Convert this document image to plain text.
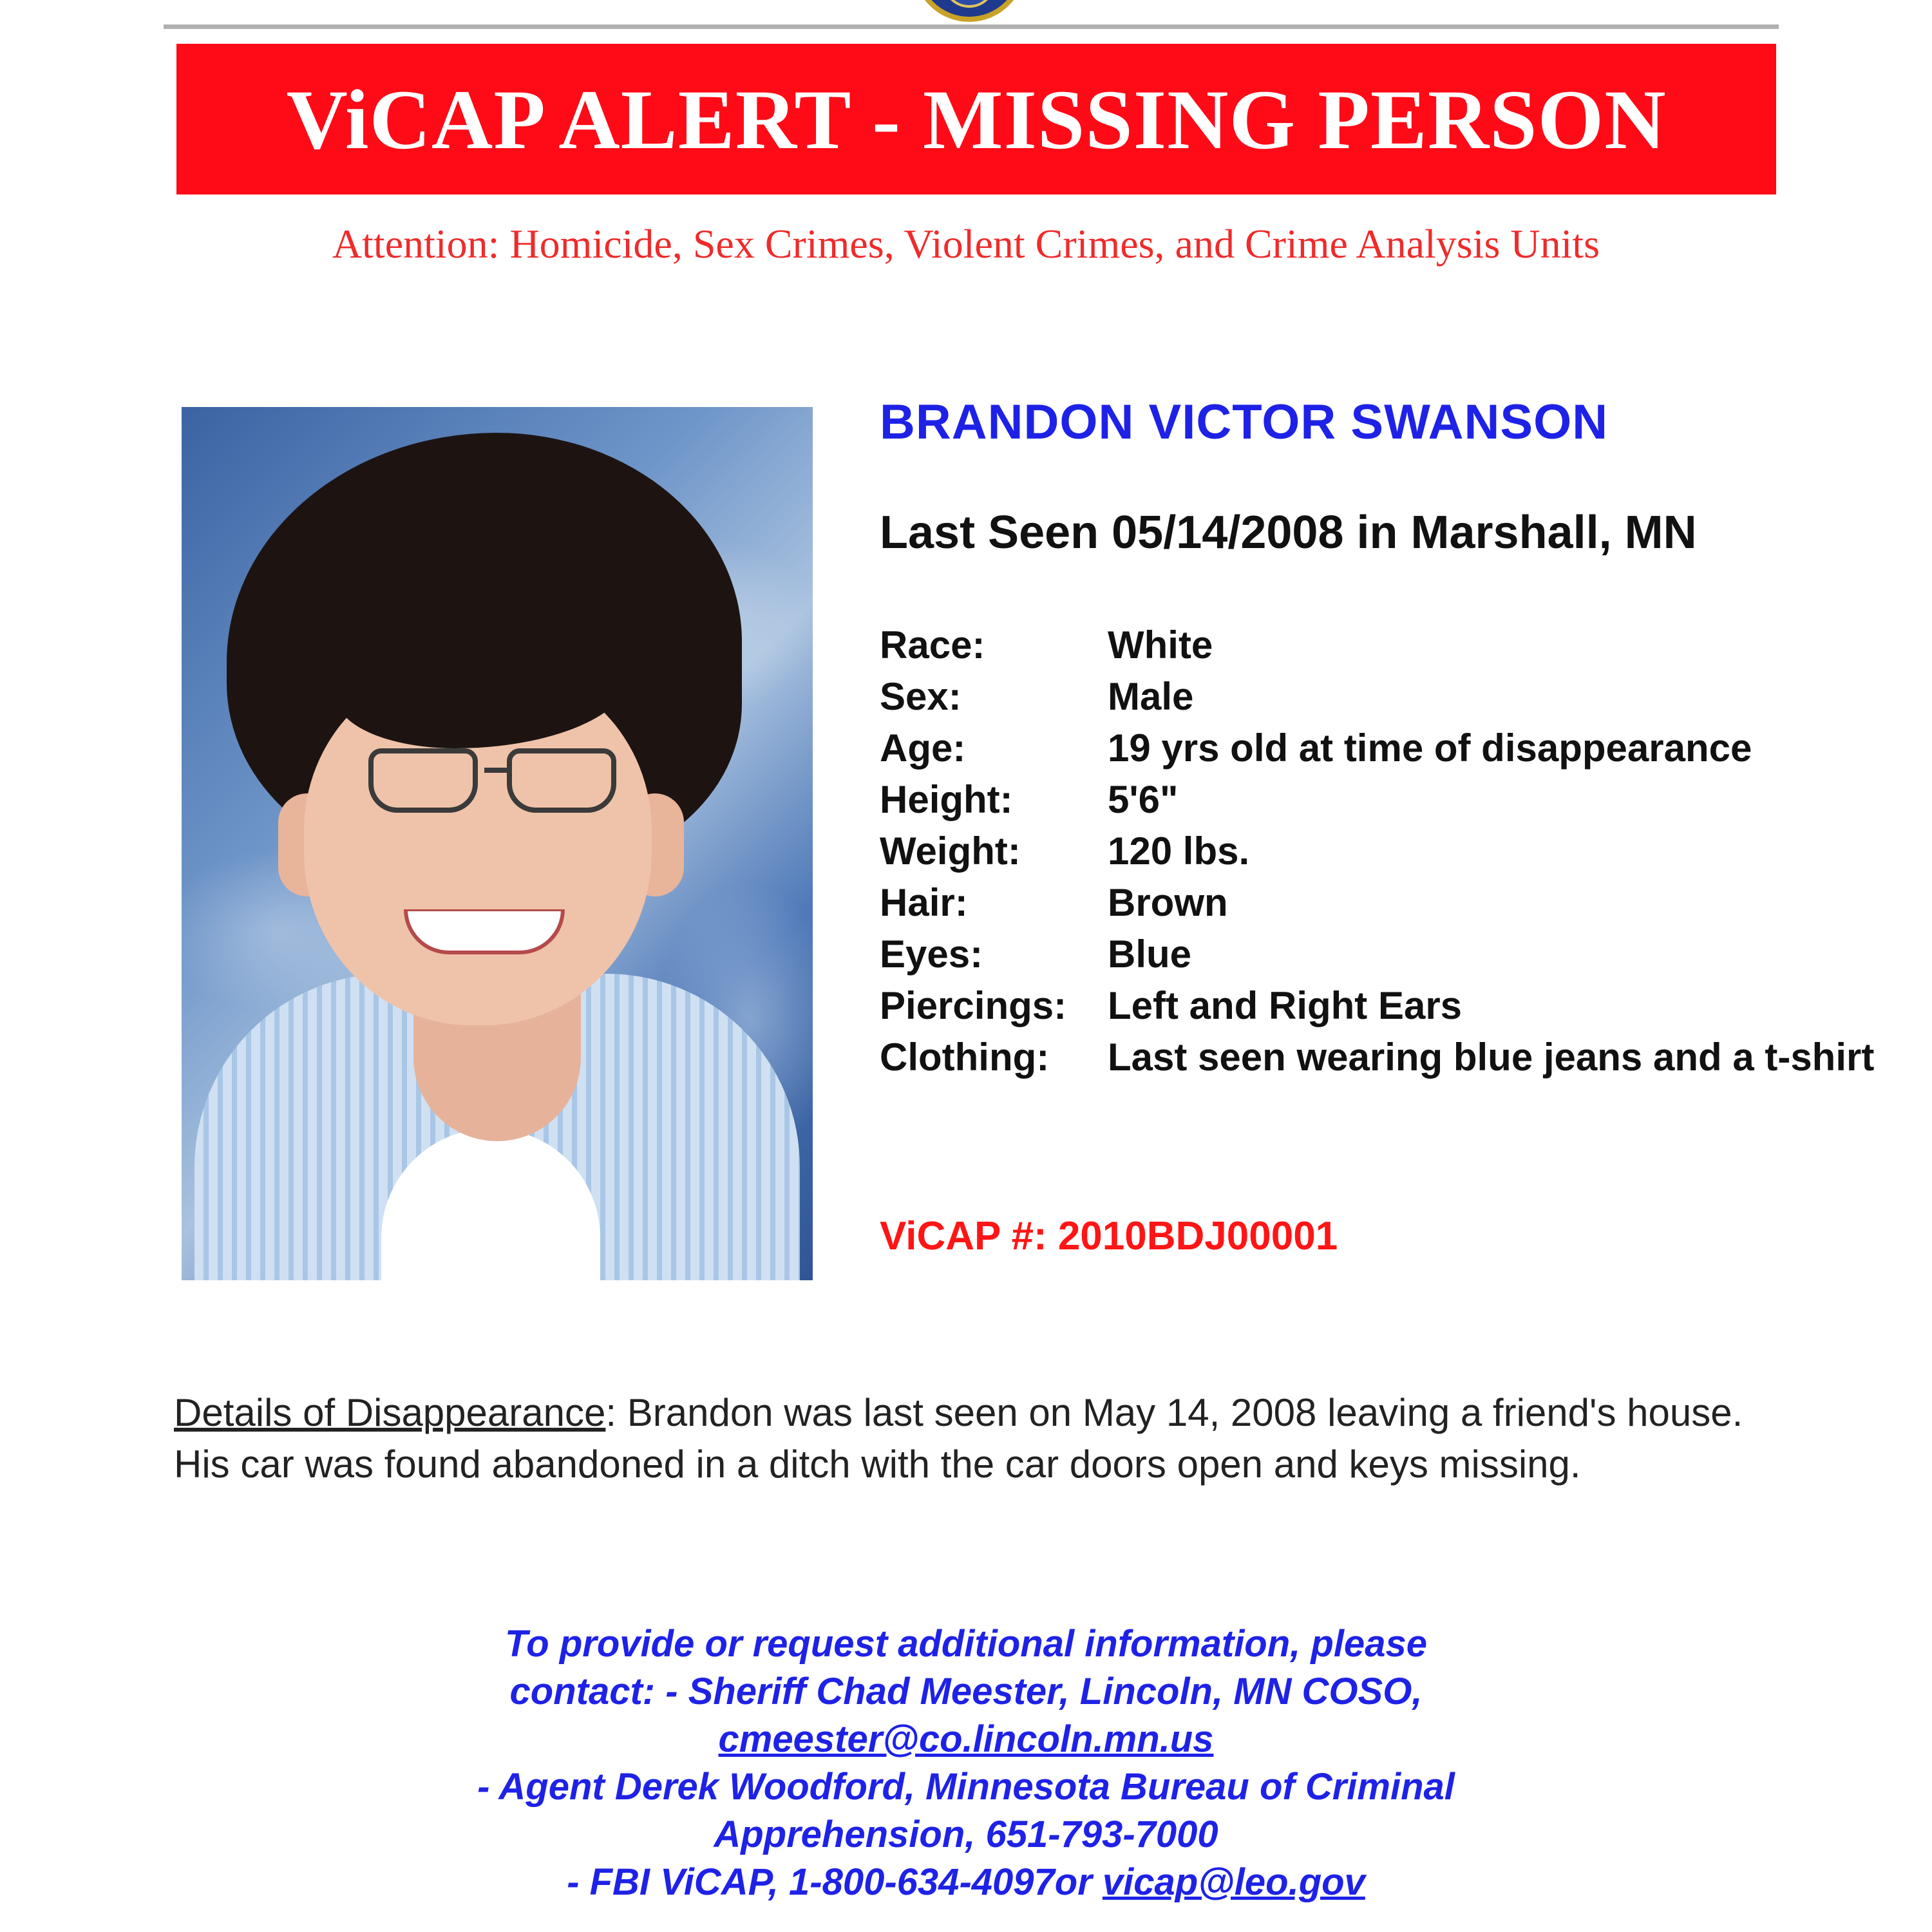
ViCAP ALERT - MISSING PERSON
Attention: Homicide, Sex Crimes, Violent Crimes, and Crime Analysis Units
BRANDON VICTOR SWANSON
Last Seen 05/14/2008 in Marshall, MN
Race:	White
Sex:	Male
Age:	19 yrs old at time of disappearance
Height:	5'6"
Weight:	120 lbs.
Hair:	Brown
Eyes:	Blue
Piercings:	Left and Right Ears
Clothing:	Last seen wearing blue jeans and a t-shirt
ViCAP #: 2010BDJ00001
Details of Disappearance: Brandon was last seen on May 14, 2008 leaving a friend's house. His car was found abandoned in a ditch with the car doors open and keys missing.
To provide or request additional information, please
contact: - Sheriff Chad Meester, Lincoln, MN COSO,
cmeester@co.lincoln.mn.us
- Agent Derek Woodford, Minnesota Bureau of Criminal
Apprehension, 651-793-7000
- FBI ViCAP, 1-800-634-4097or vicap@leo.gov
